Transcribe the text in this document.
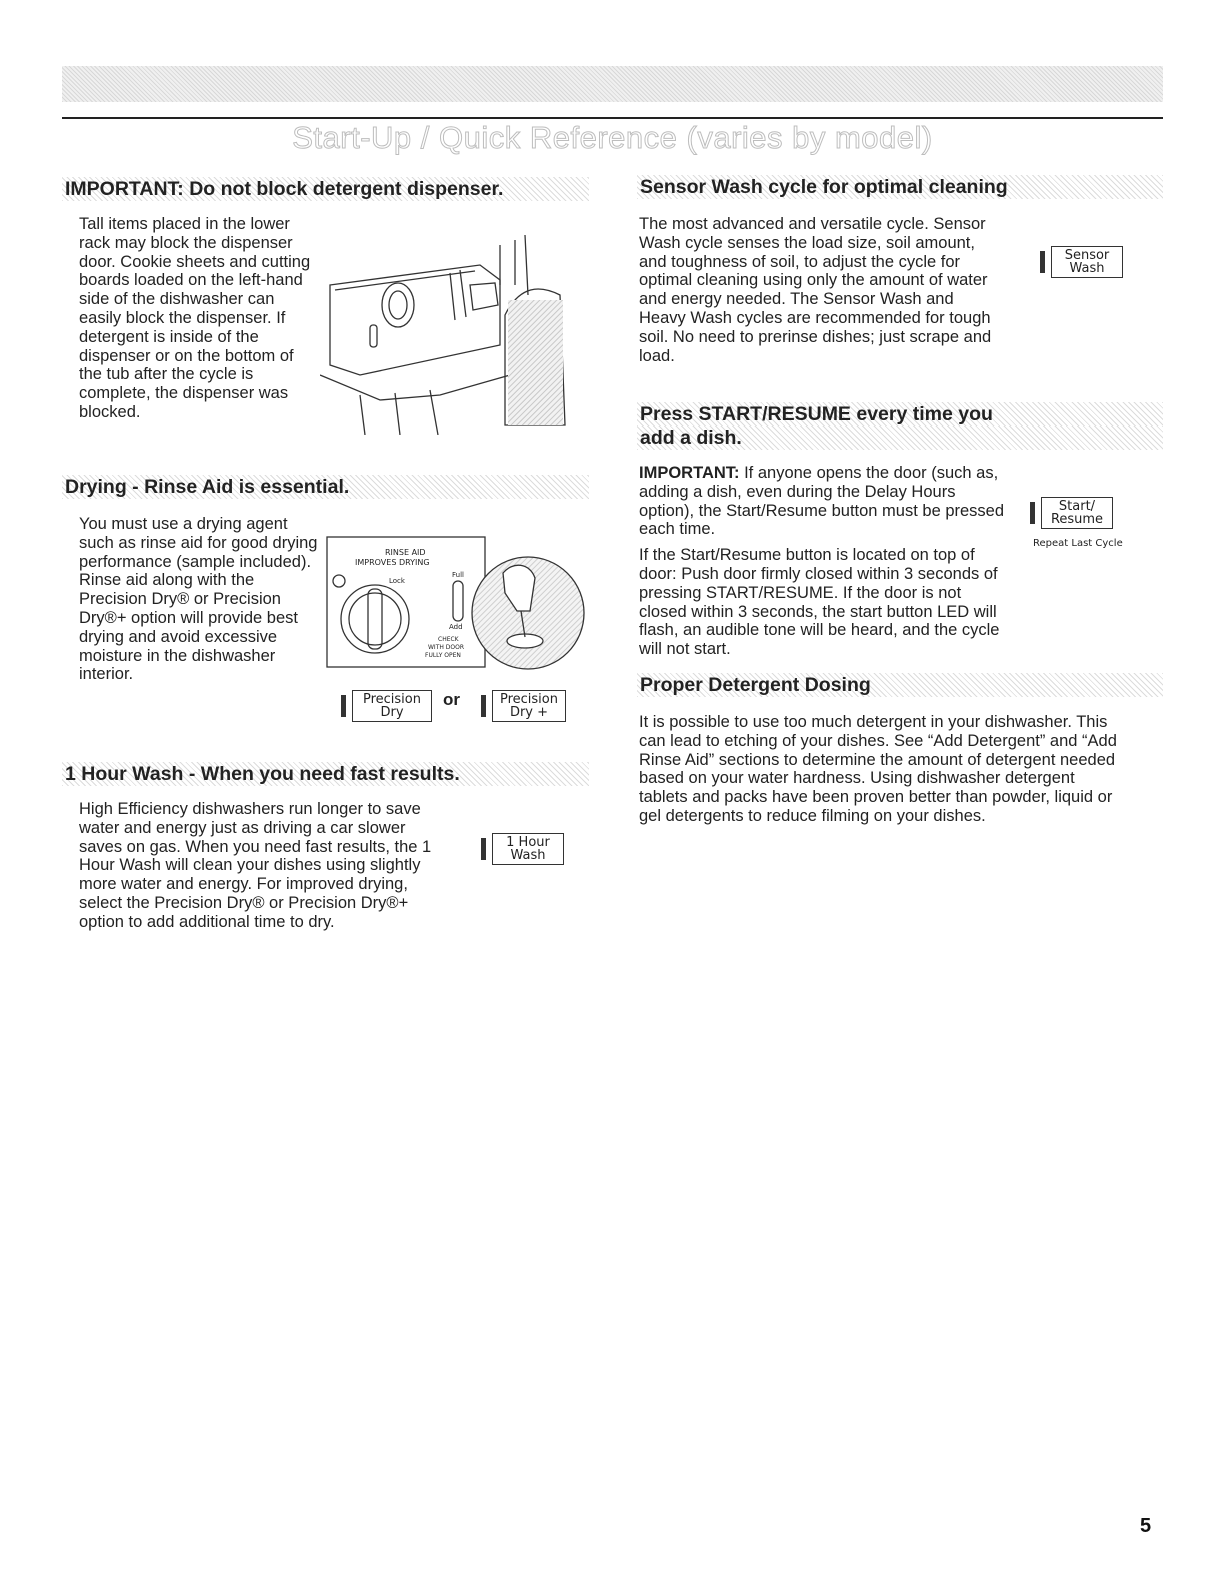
Start-Up / Quick Reference (varies by model)
IMPORTANT: Do not block detergent dispenser.
Tall items placed in the lower rack may block the dispenser door. Cookie sheets and cutting boards loaded on the left-hand side of the dishwasher can easily block the dispenser. If detergent is inside of the dispenser or on the bottom of the tub after the cycle is complete, the dispenser was blocked.
Drying - Rinse Aid is essential.
You must use a drying agent such as rinse aid for good drying performance (sample included). Rinse aid along with the Precision Dry® or Precision Dry®+ option will provide best drying and avoid excessive moisture in the dishwasher interior.
RINSE AID
IMPROVES DRYING
Lock
Full
Add
CHECK
WITH DOOR
FULLY OPEN
Precision
Dry
or	Precision
Dry +
1 Hour Wash - When you need fast results.
High Efficiency dishwashers run longer to save water and energy just as driving a car slower saves on gas. When you need fast results, the 1 Hour Wash will clean your dishes using slightly more water and energy. For improved drying, select the Precision Dry® or Precision Dry®+ option to add additional time to dry.
1 Hour
Wash
Sensor Wash cycle for optimal cleaning
The most advanced and versatile cycle. Sensor Wash cycle senses the load size, soil amount, and toughness of soil, to adjust the cycle for optimal cleaning using only the amount of water and energy needed. The Sensor Wash and Heavy Wash cycles are recommended for tough soil. No need to prerinse dishes; just scrape and load.
Sensor
Wash
Press START/RESUME every time you
add a dish.

IMPORTANT: If anyone opens the door (such as, adding a dish, even during the Delay Hours option), the Start/Resume button must be pressed each time.

If the Start/Resume button is located on top of door: Push door firmly closed within 3 seconds of pressing START/RESUME. If the door is not closed within 3 seconds, the start button LED will flash, an audible tone will be heard, and the cycle will not start.

Start/
Resume
Repeat Last Cycle
Proper Detergent Dosing
It is possible to use too much detergent in your dishwasher. This can lead to etching of your dishes. See “Add Detergent” and “Add Rinse Aid” sections to determine the amount of detergent needed based on your water hardness. Using dishwasher detergent tablets and packs have been proven better than powder, liquid or gel detergents to reduce filming on your dishes.
5
